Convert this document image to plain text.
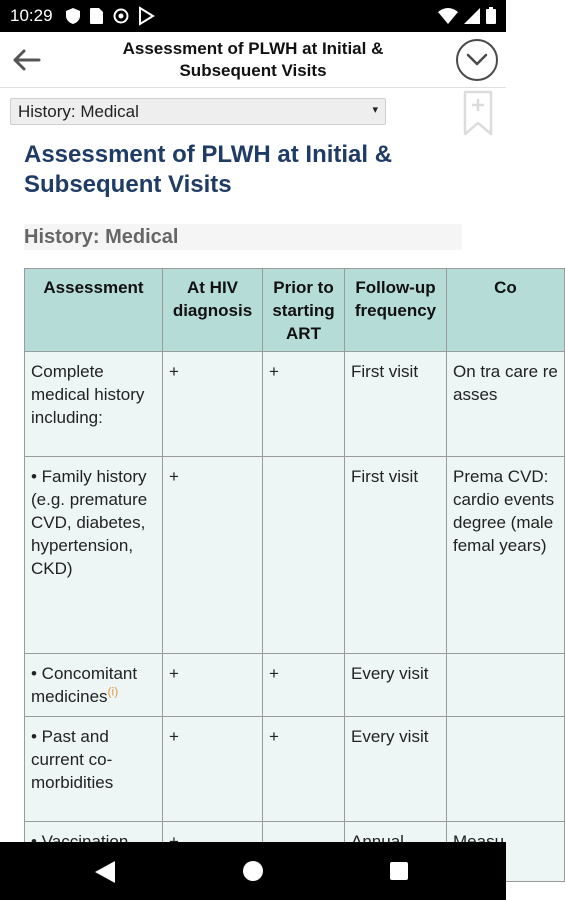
10:29
Assessment of PLWH at Initial & Subsequent Visits
History: Medical	▾
Assessment of PLWH at Initial & Subsequent Visits
History: Medical
Assessment	At HIV diagnosis	Prior to starting ART	Follow-up frequency	Co
Complete medical history including:	+	+	First visit	On tra care re asses
• Family history (e.g. premature CVD, diabetes, hypertension, CKD)	+		First visit	Prema CVD: cardio events degree (male femal years)
• Concomitant medicines$^{(i)}$	+	+	Every visit	
• Past and current co-morbidities	+	+	Every visit	
